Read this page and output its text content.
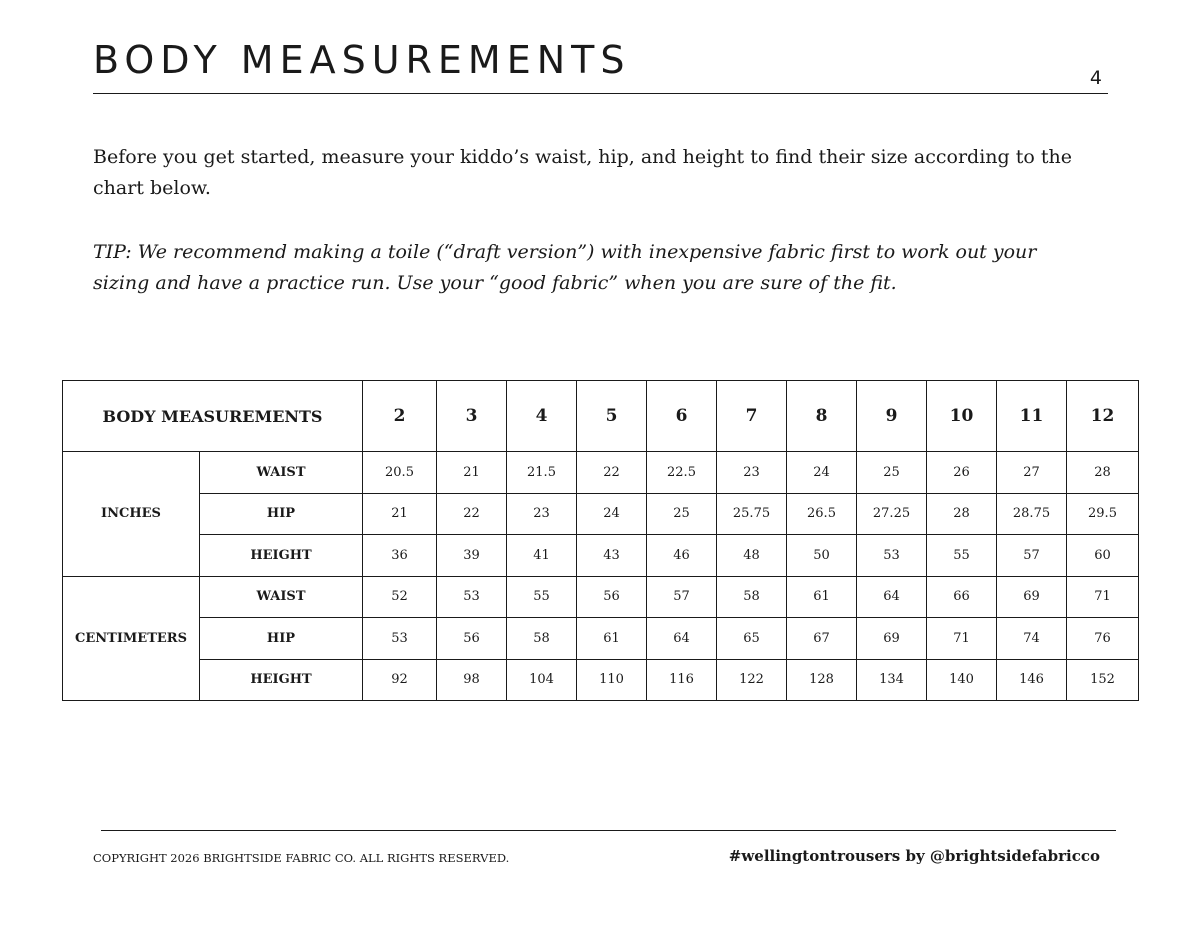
BODY MEASUREMENTS	4

Before you get started, measure your kiddo’s waist, hip, and height to find their size according to the chart below.

TIP: We recommend making a toile (“draft version”) with inexpensive fabric first to work out your sizing and have a practice run. Use your “good fabric” when you are sure of the fit.

BODY MEASUREMENTS		2	3	4	5	6	7	8	9	10	11	12
INCHES	WAIST	20.5	21	21.5	22	22.5	23	24	25	26	27	28
	HIP	21	22	23	24	25	25.75	26.5	27.25	28	28.75	29.5
	HEIGHT	36	39	41	43	46	48	50	53	55	57	60
CENTIMETERS	WAIST	52	53	55	56	57	58	61	64	66	69	71
	HIP	53	56	58	61	64	65	67	69	71	74	76
	HEIGHT	92	98	104	110	116	122	128	134	140	146	152
COPYRIGHT 2026 BRIGHTSIDE FABRIC CO. ALL RIGHTS RESERVED.	#wellingtontrousers by @brightsidefabricco
